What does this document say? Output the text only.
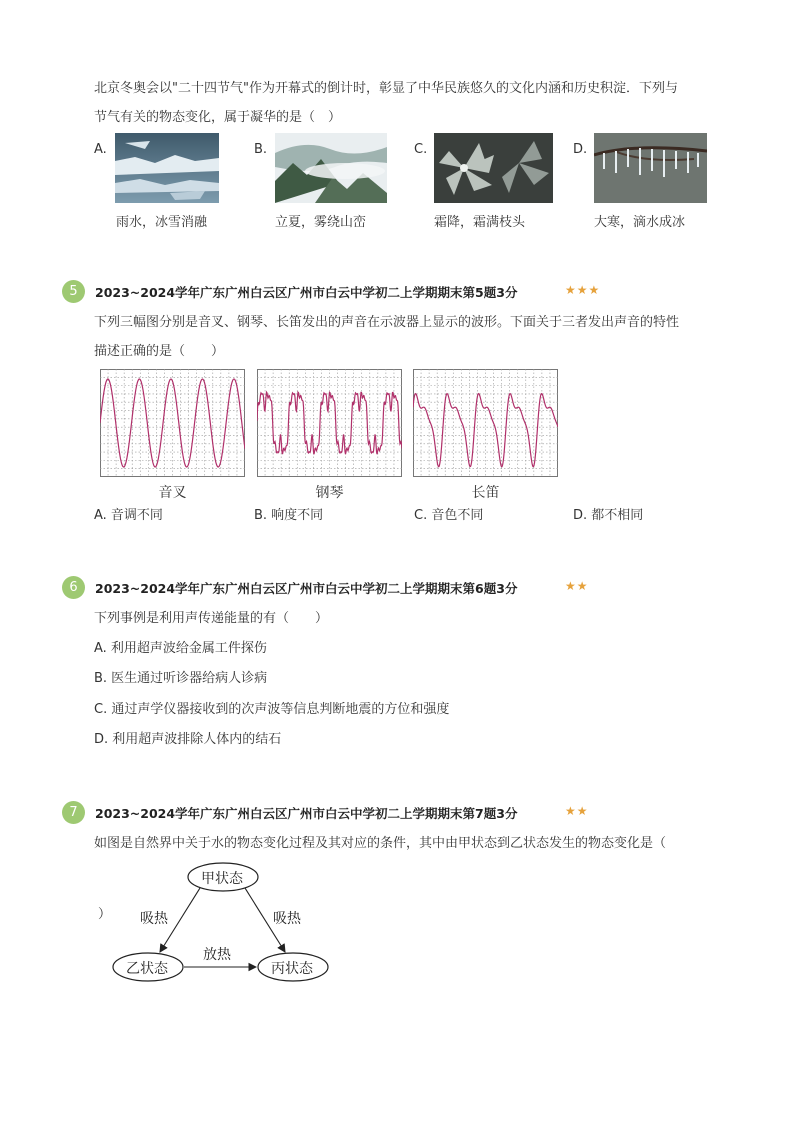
北京冬奥会以"二十四节气"作为开幕式的倒计时，彰显了中华民族悠久的文化内涵和历史积淀．下列与
节气有关的物态变化，属于凝华的是（　）
A.	B.	C.	D.
雨水，冰雪消融	立夏，雾绕山峦	霜降，霜满枝头	大寒，滴水成冰
5	2023~2024学年广东广州白云区广州市白云中学初二上学期期末第5题3分	★★★
下列三幅图分别是音叉、钢琴、长笛发出的声音在示波器上显示的波形。下面关于三者发出声音的特性
描述正确的是（　　）
音叉	钢琴	长笛
A. 音调不同	B. 响度不同	C. 音色不同	D. 都不相同
6	2023~2024学年广东广州白云区广州市白云中学初二上学期期末第6题3分	★★
下列事例是利用声传递能量的有（　　）
A. 利用超声波给金属工件探伤
B. 医生通过听诊器给病人诊病
C. 通过声学仪器接收到的次声波等信息判断地震的方位和强度
D. 利用超声波排除人体内的结石
7	2023~2024学年广东广州白云区广州市白云中学初二上学期期末第7题3分	★★
如图是自然界中关于水的物态变化过程及其对应的条件，其中由甲状态到乙状态发生的物态变化是（
）
甲状态
乙状态	丙状态
吸热	吸热
放热
